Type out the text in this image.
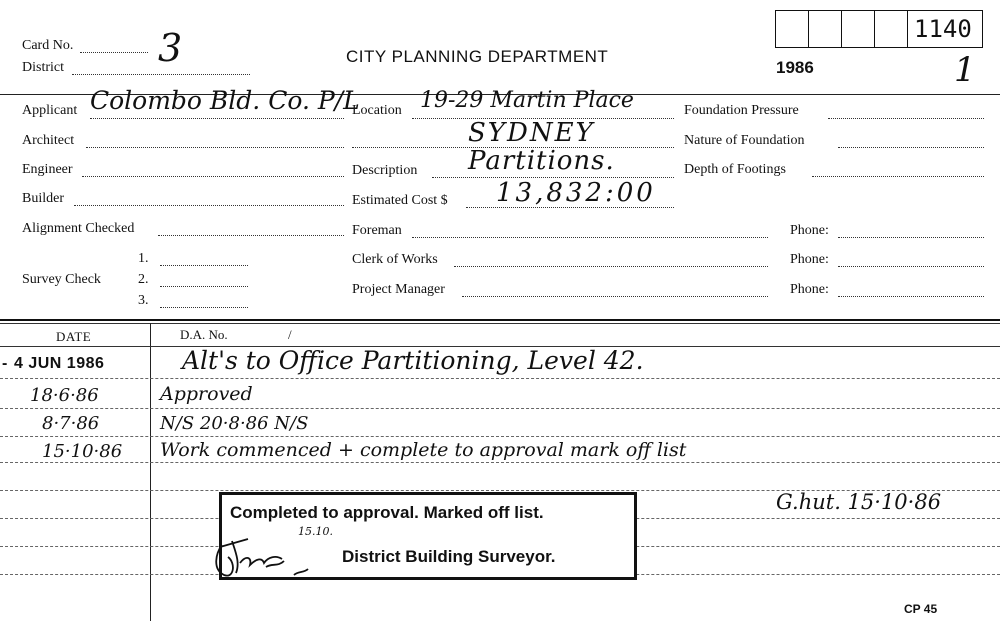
Card No. 3
District
CITY PLANNING DEPARTMENT
1986
1140
1
Applicant Colombo Bld. Co. P/L
Architect
Engineer
Builder
Alignment Checked
Survey Check
1.
2.
3.
Location 19-29 Martin Place
SYDNEY
Description Partitions.
Estimated Cost $ 13,832:00
Foreman
Clerk of Works
Project Manager
Foundation Pressure
Nature of Foundation
Depth of Footings
Phone:
Phone:
Phone:
DATE	D.A. No.	/
- 4 JUN 1986	Alt's to Office Partitioning, Level 42.
18·6·86	Approved
8·7·86	N/S 20·8·86 N/S
15·10·86 Work commenced + complete to approval mark off list
G.hut. 15·10·86
Completed to approval. Marked off list.
15.10.
District Building Surveyor.
CP 45
